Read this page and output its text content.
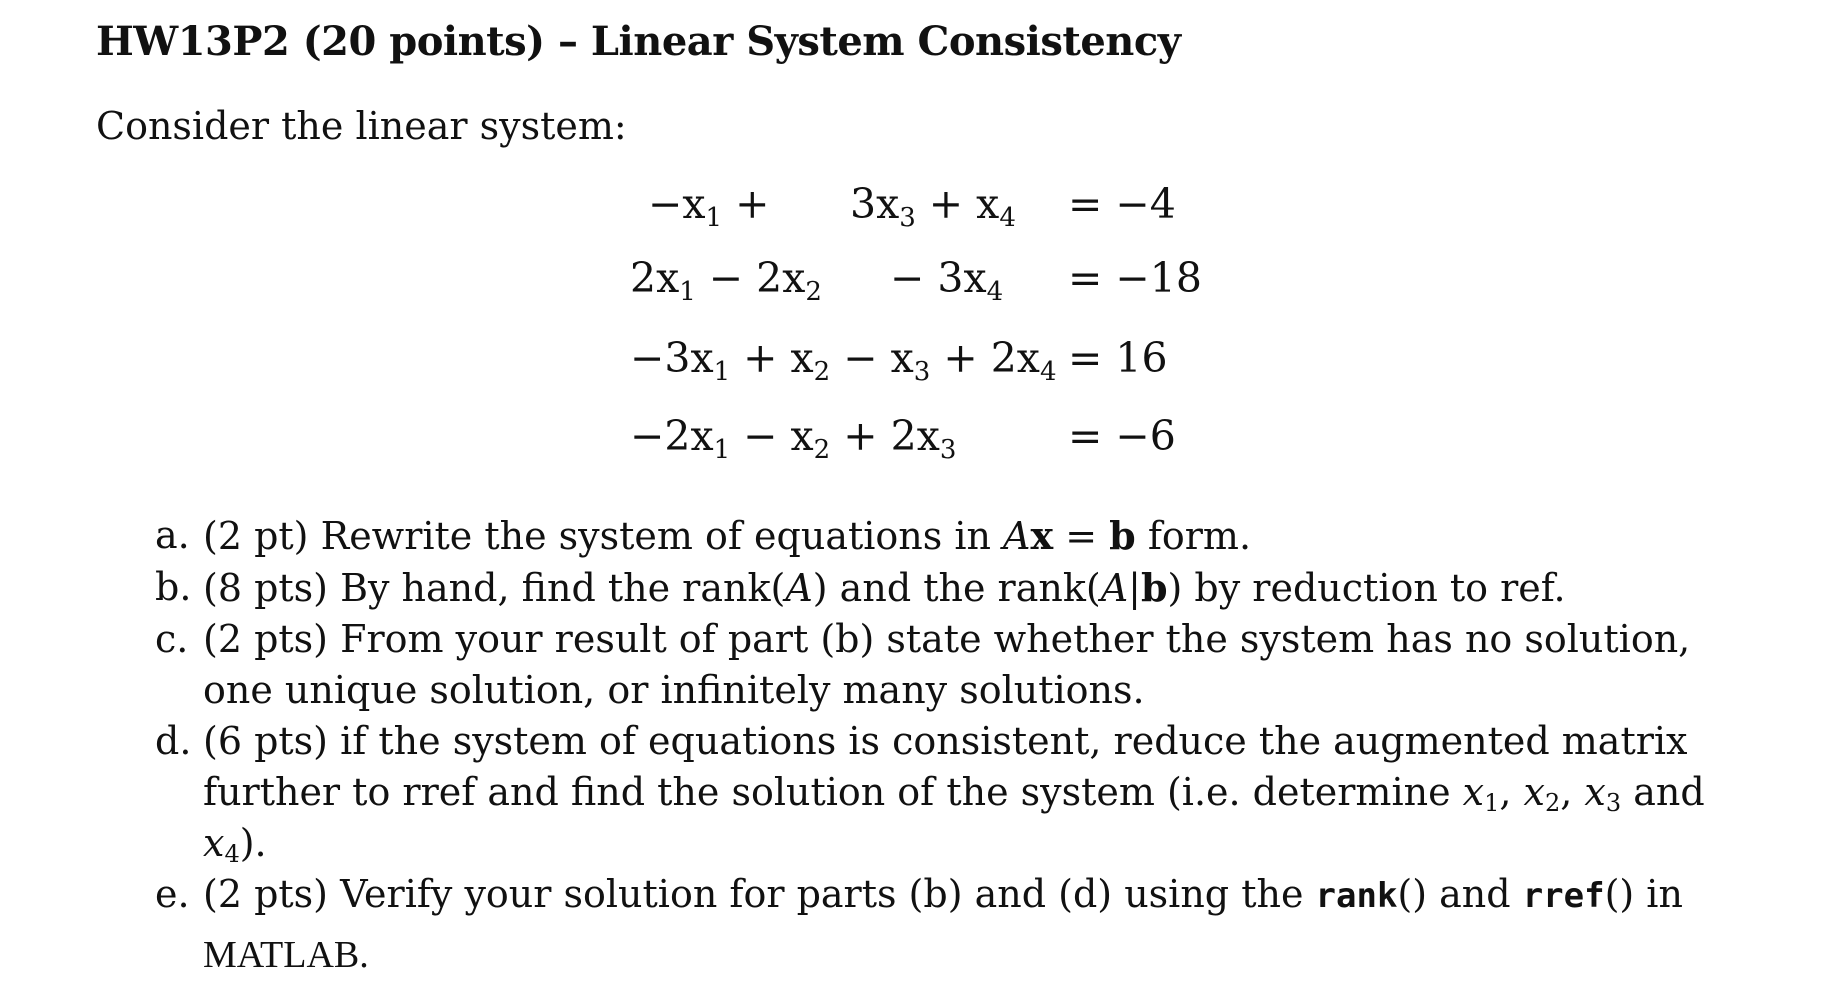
HW13P2 (20 points) – Linear System Consistency
Consider the linear system:
$-x_1 + 3x_3 + x_4 = -4$
$2x_1 - 2x_2 - 3x_4 = -18$
$-3x_1 + x_2 - x_3 + 2x_4 = 16$
$-2x_1 - x_2 + 2x_3$	= −6
a. (2 pt) Rewrite the system of equations in Ax = b form.
b. (8 pts) By hand, find the rank(A) and the rank(A|b) by reduction to ref.
c. (2 pts) From your result of part (b) state whether the system has no solution, one unique solution, or infinitely many solutions.
d. (6 pts) if the system of equations is consistent, reduce the augmented matrix further to rref and find the solution of the system (i.e. determine $x_1$, $x_2$, $x_3$ and $x_4$).
e. (2 pts) Verify your solution for parts (b) and (d) using the rank() and rref() in
MATLAB.
